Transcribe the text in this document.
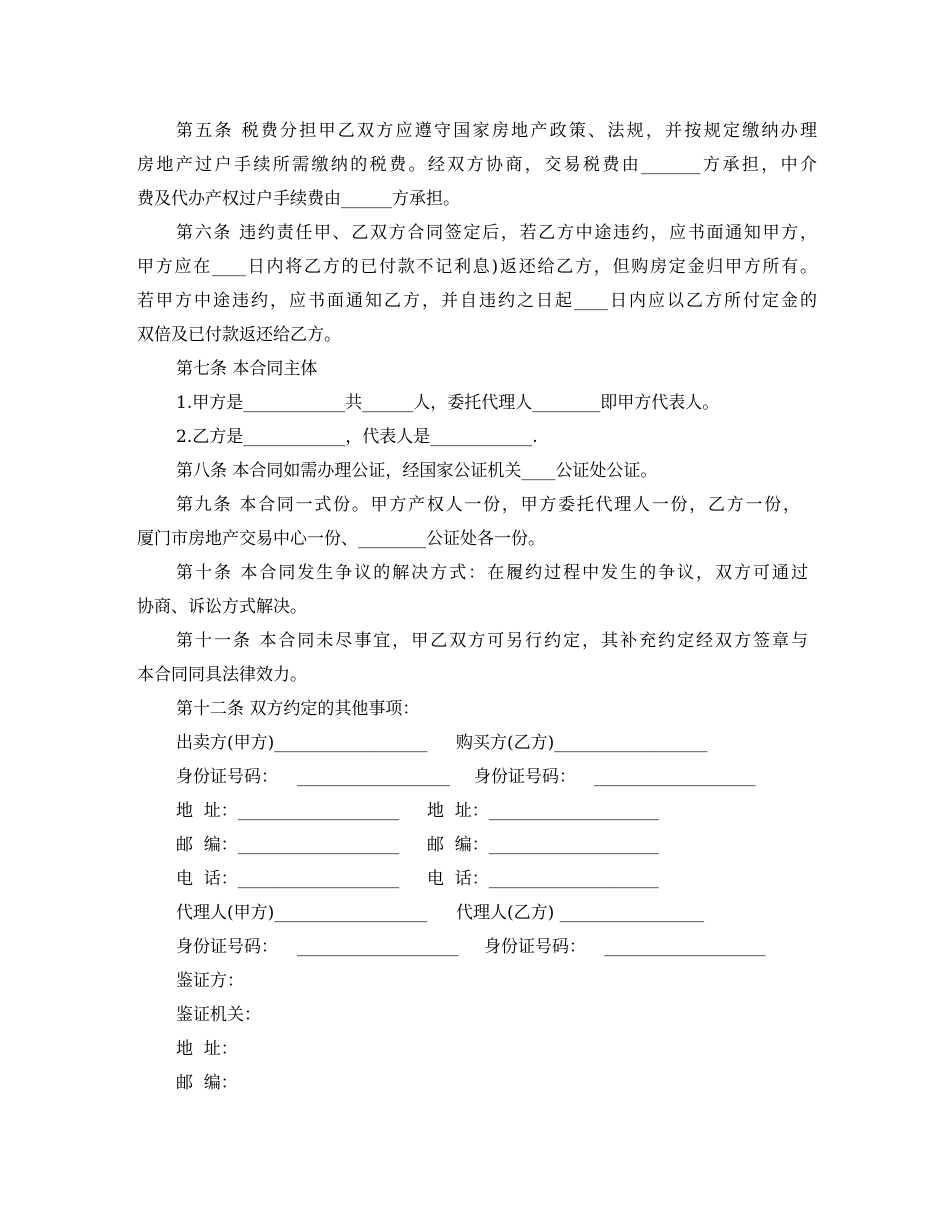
第五条 税费分担甲乙双方应遵守国家房地产政策、法规，并按规定缴纳办理
房地产过户手续所需缴纳的税费。经双方协商，交易税费由_______方承担，中介
费及代办产权过户手续费由______方承担。
第六条 违约责任甲、乙双方合同签定后，若乙方中途违约，应书面通知甲方，
甲方应在____日内将乙方的已付款不记利息)返还给乙方，但购房定金归甲方所有。
若甲方中途违约，应书面通知乙方，并自违约之日起____日内应以乙方所付定金的
双倍及已付款返还给乙方。
第七条 本合同主体
1.甲方是____________共______人，委托代理人________即甲方代表人。
2.乙方是____________，代表人是____________.
第八条 本合同如需办理公证，经国家公证机关____公证处公证。
第九条 本合同一式份。甲方产权人一份，甲方委托代理人一份，乙方一份，
厦门市房地产交易中心一份、________公证处各一份。
第十条 本合同发生争议的解决方式：在履约过程中发生的争议，双方可通过
协商、诉讼方式解决。
第十一条 本合同未尽事宜，甲乙双方可另行约定，其补充约定经双方签章与
本合同同具法律效力。
第十二条 双方约定的其他事项：
出卖方(甲方)__________________ 购买方(乙方)__________________
身份证号码： __________________ 身份证号码： ___________________
地  址：___________________ 地  址：____________________
邮  编：___________________ 邮  编：____________________
电  话：___________________ 电  话：____________________
代理人(甲方)__________________ 代理人(乙方) _________________
身份证号码： ___________________ 身份证号码： ___________________
鉴证方：
鉴证机关：
地  址：
邮  编：
